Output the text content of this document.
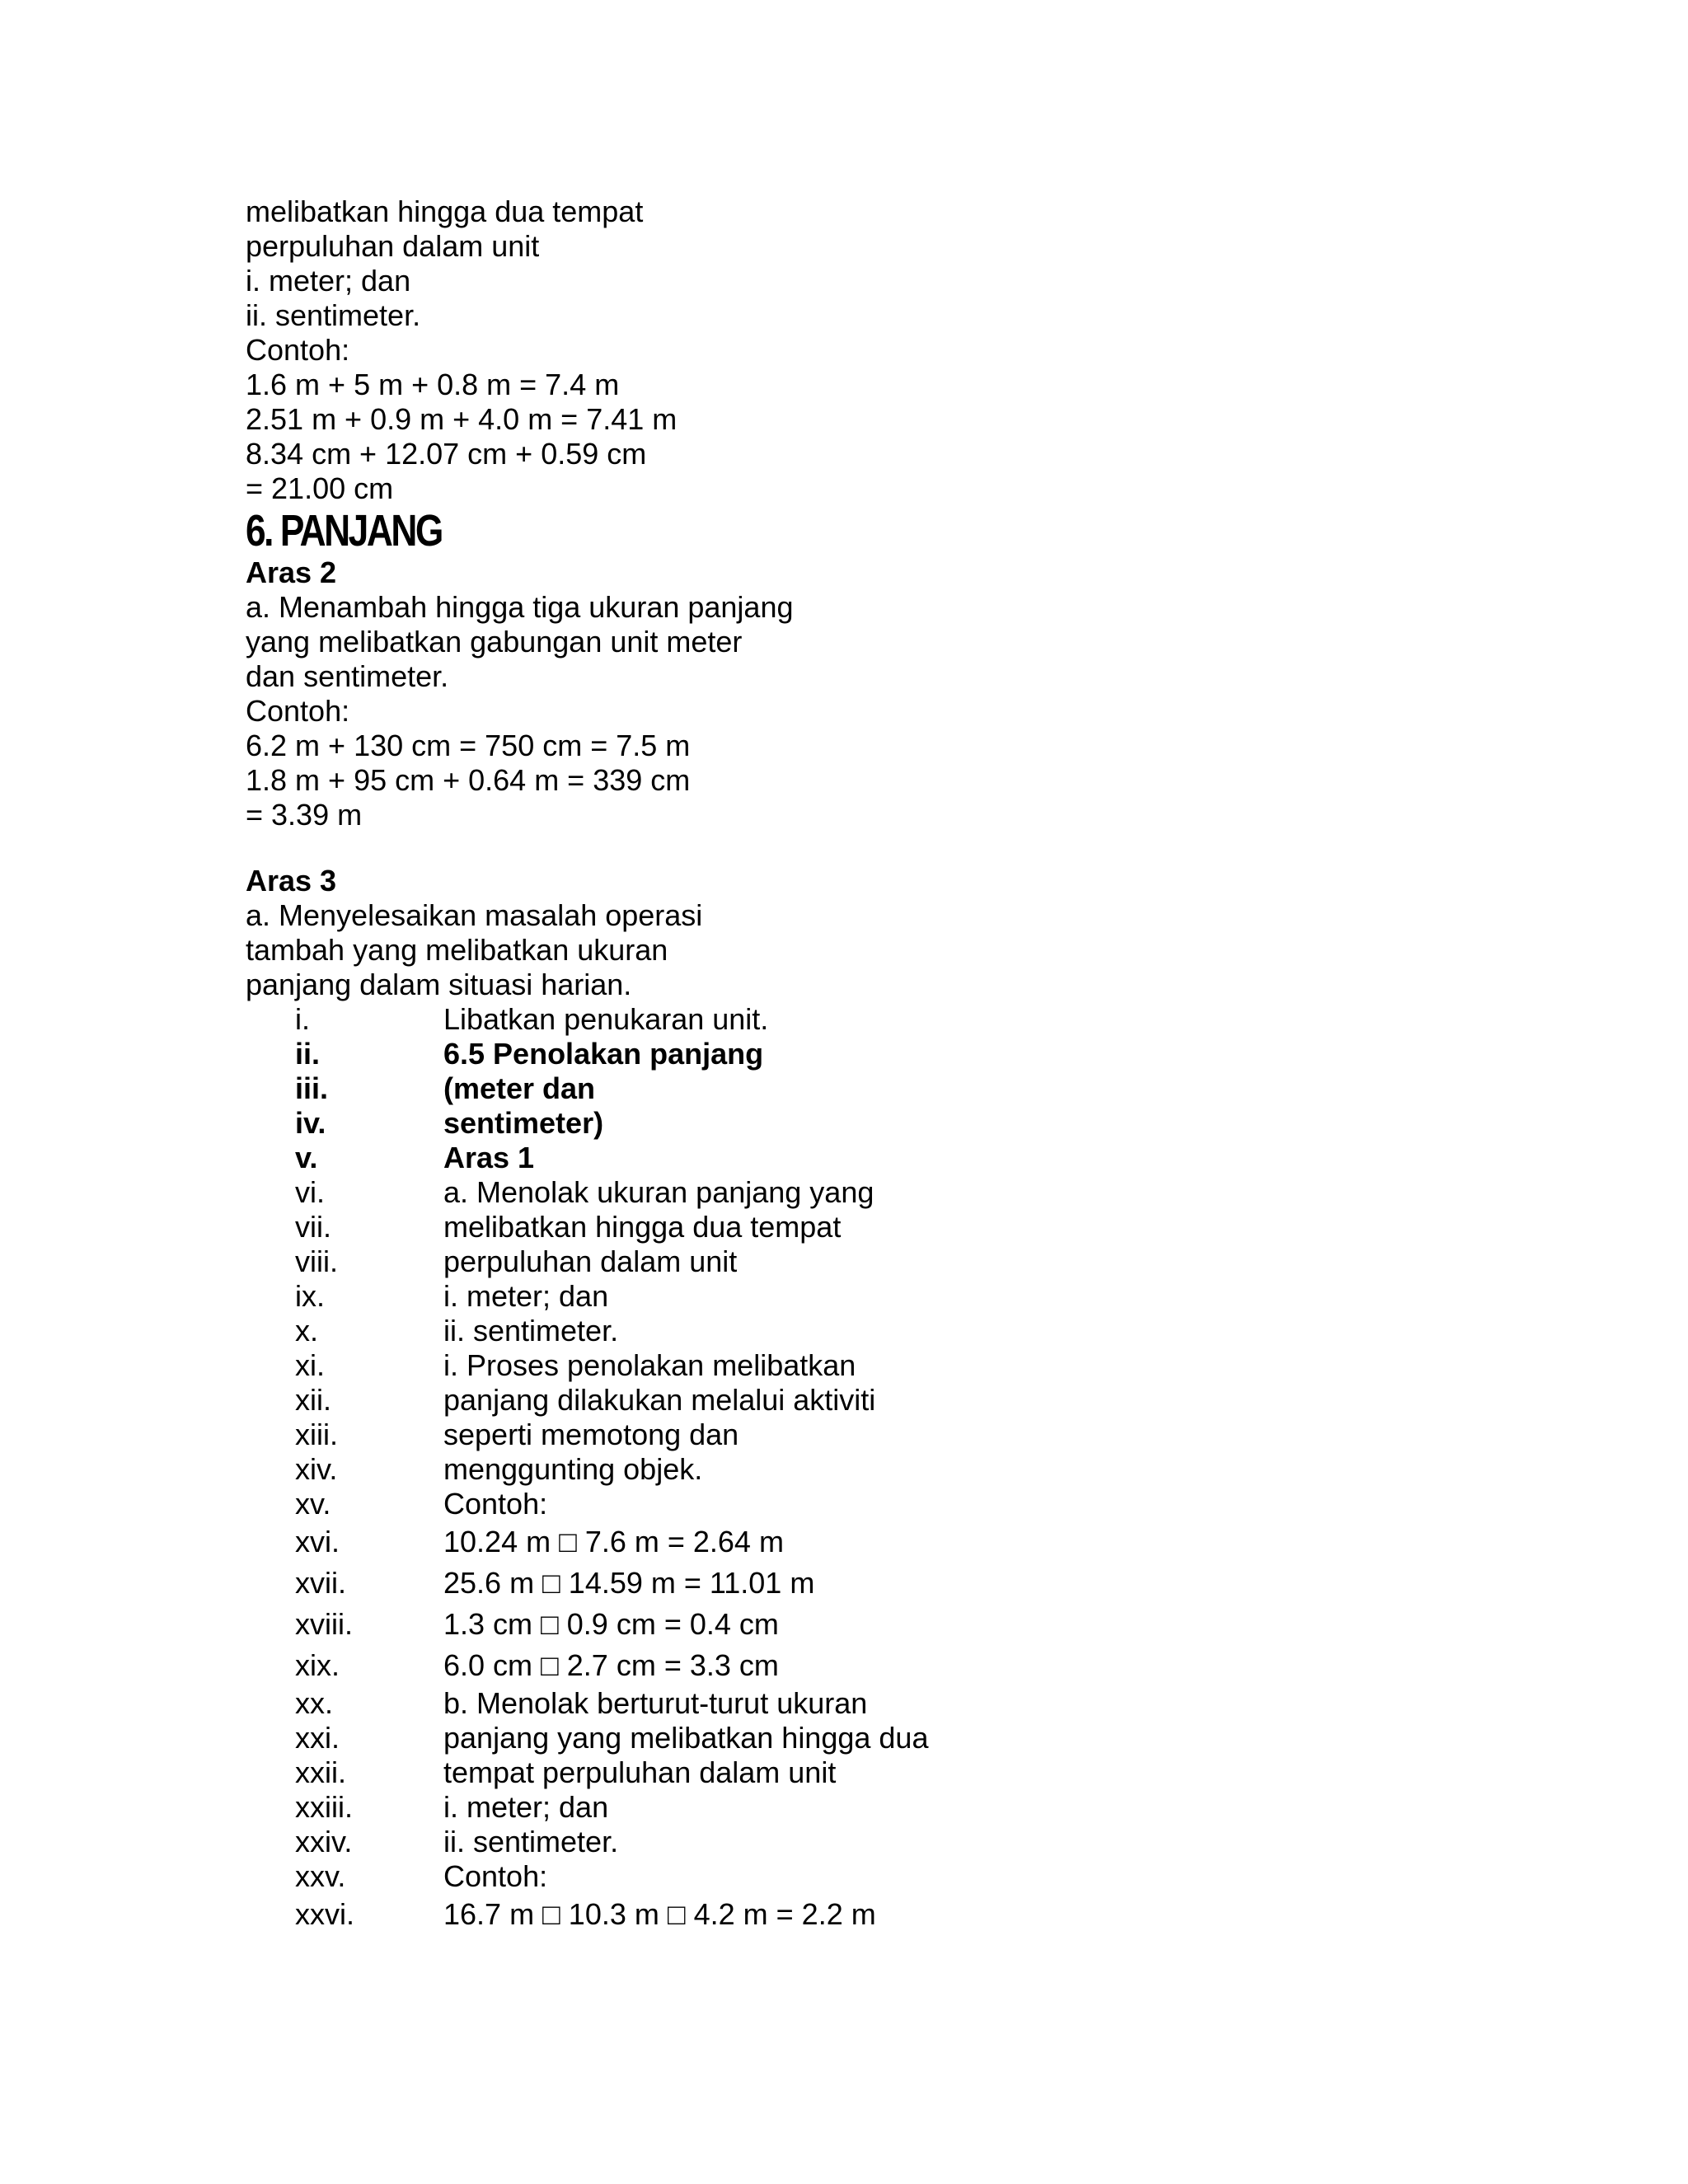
melibatkan hingga dua tempat
perpuluhan dalam unit
i. meter; dan
ii. sentimeter.
Contoh:
1.6 m + 5 m + 0.8 m = 7.4 m
2.51 m + 0.9 m + 4.0 m = 7.41 m
8.34 cm + 12.07 cm + 0.59 cm
= 21.00 cm
6. PANJANG
Aras 2
a. Menambah hingga tiga ukuran panjang
yang melibatkan gabungan unit meter
dan sentimeter.
Contoh:
6.2 m + 130 cm = 750 cm = 7.5 m
1.8 m + 95 cm + 0.64 m = 339 cm
= 3.39 m
Aras 3
a. Menyelesaikan masalah operasi
tambah yang melibatkan ukuran
panjang dalam situasi harian.
i.	Libatkan penukaran unit.
ii.	6.5 Penolakan panjang
iii.	(meter dan
iv.	sentimeter)
v.	Aras 1
vi.	a. Menolak ukuran panjang yang
vii.	melibatkan hingga dua tempat
viii.	perpuluhan dalam unit
ix.	i. meter; dan
x.	ii. sentimeter.
xi.	i. Proses penolakan melibatkan
xii.	panjang dilakukan melalui aktiviti
xiii.	seperti memotong dan
xiv.	menggunting objek.
xv.	Contoh:
xvi.	10.24 m □ 7.6 m = 2.64 m
xvii.	25.6 m □ 14.59 m = 11.01 m
xviii.	1.3 cm □ 0.9 cm = 0.4 cm
xix.	6.0 cm □ 2.7 cm = 3.3 cm
xx.	b. Menolak berturut-turut ukuran
xxi.	panjang yang melibatkan hingga dua
xxii.	tempat perpuluhan dalam unit
xxiii.	i. meter; dan
xxiv.	ii. sentimeter.
xxv.	Contoh:
xxvi.	16.7 m □ 10.3 m □ 4.2 m = 2.2 m
